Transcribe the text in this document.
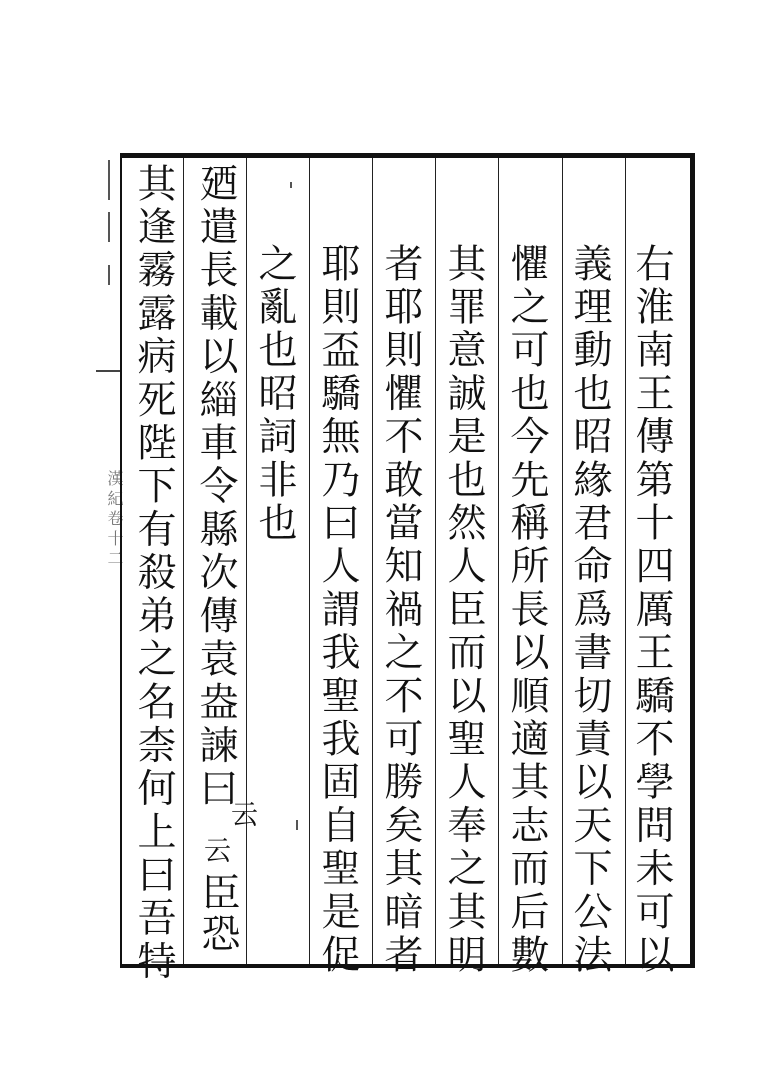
漢紀卷十二	右淮南王傳第十四厲王驕不學問未可以
義理動也昭緣君命爲書切責以天下公法
懼之可也今先稱所長以順適其志而后數
其罪意誠是也然人臣而以聖人奉之其明
者耶則懼不敢當知禍之不可勝矣其暗者
耶則盃驕無乃曰人謂我聖我固自聖是促
之亂也昭詞非也
廼遣長載以緇車令縣次傳袁盎諫曰
其逢霧露病死陛下有殺弟之名柰何上曰吾特 云
云
臣恐
